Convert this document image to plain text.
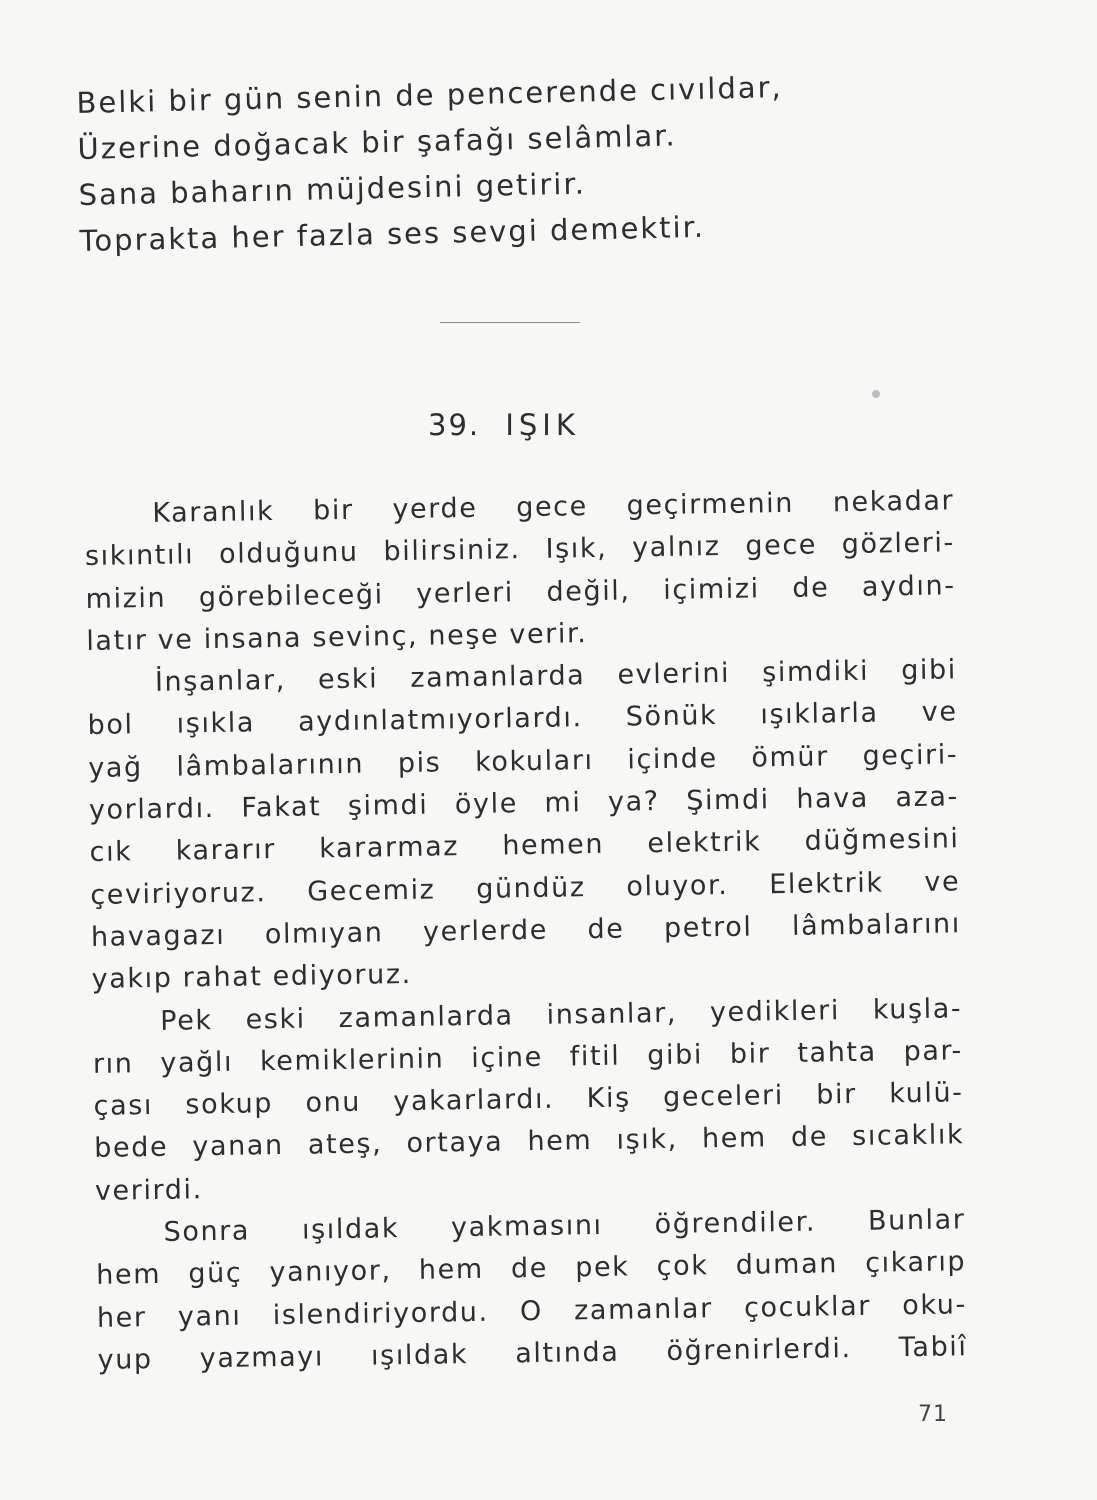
Belki bir gün senin de pencerende cıvıldar,
Üzerine doğacak bir şafağı selâmlar.
Sana baharın müjdesini getirir.
Toprakta her fazla ses sevgi demektir.
39. IŞIK
Karanlık bir yerde gece geçirmenin nekadar
sıkıntılı olduğunu bilirsiniz. Işık, yalnız gece gözleri-
mizin görebileceği yerleri değil, içimizi de aydın-
latır ve insana sevinç, neşe verir.
İnşanlar, eski zamanlarda evlerini şimdiki gibi
bol ışıkla aydınlatmıyorlardı. Sönük ışıklarla ve
yağ lâmbalarının pis kokuları içinde ömür geçiri-
yorlardı. Fakat şimdi öyle mi ya? Şimdi hava aza-
cık kararır kararmaz hemen elektrik düğmesini
çeviriyoruz. Gecemiz gündüz oluyor. Elektrik ve
havagazı olmıyan yerlerde de petrol lâmbalarını
yakıp rahat ediyoruz.
Pek eski zamanlarda insanlar, yedikleri kuşla-
rın yağlı kemiklerinin içine fitil gibi bir tahta par-
çası sokup onu yakarlardı. Kiş geceleri bir kulü-
bede yanan ateş, ortaya hem ışık, hem de sıcaklık
verirdi.
Sonra ışıldak yakmasını öğrendiler. Bunlar
hem güç yanıyor, hem de pek çok duman çıkarıp
her yanı islendiriyordu. O zamanlar çocuklar oku-
yup yazmayı ışıldak altında öğrenirlerdi. Tabiî
71
